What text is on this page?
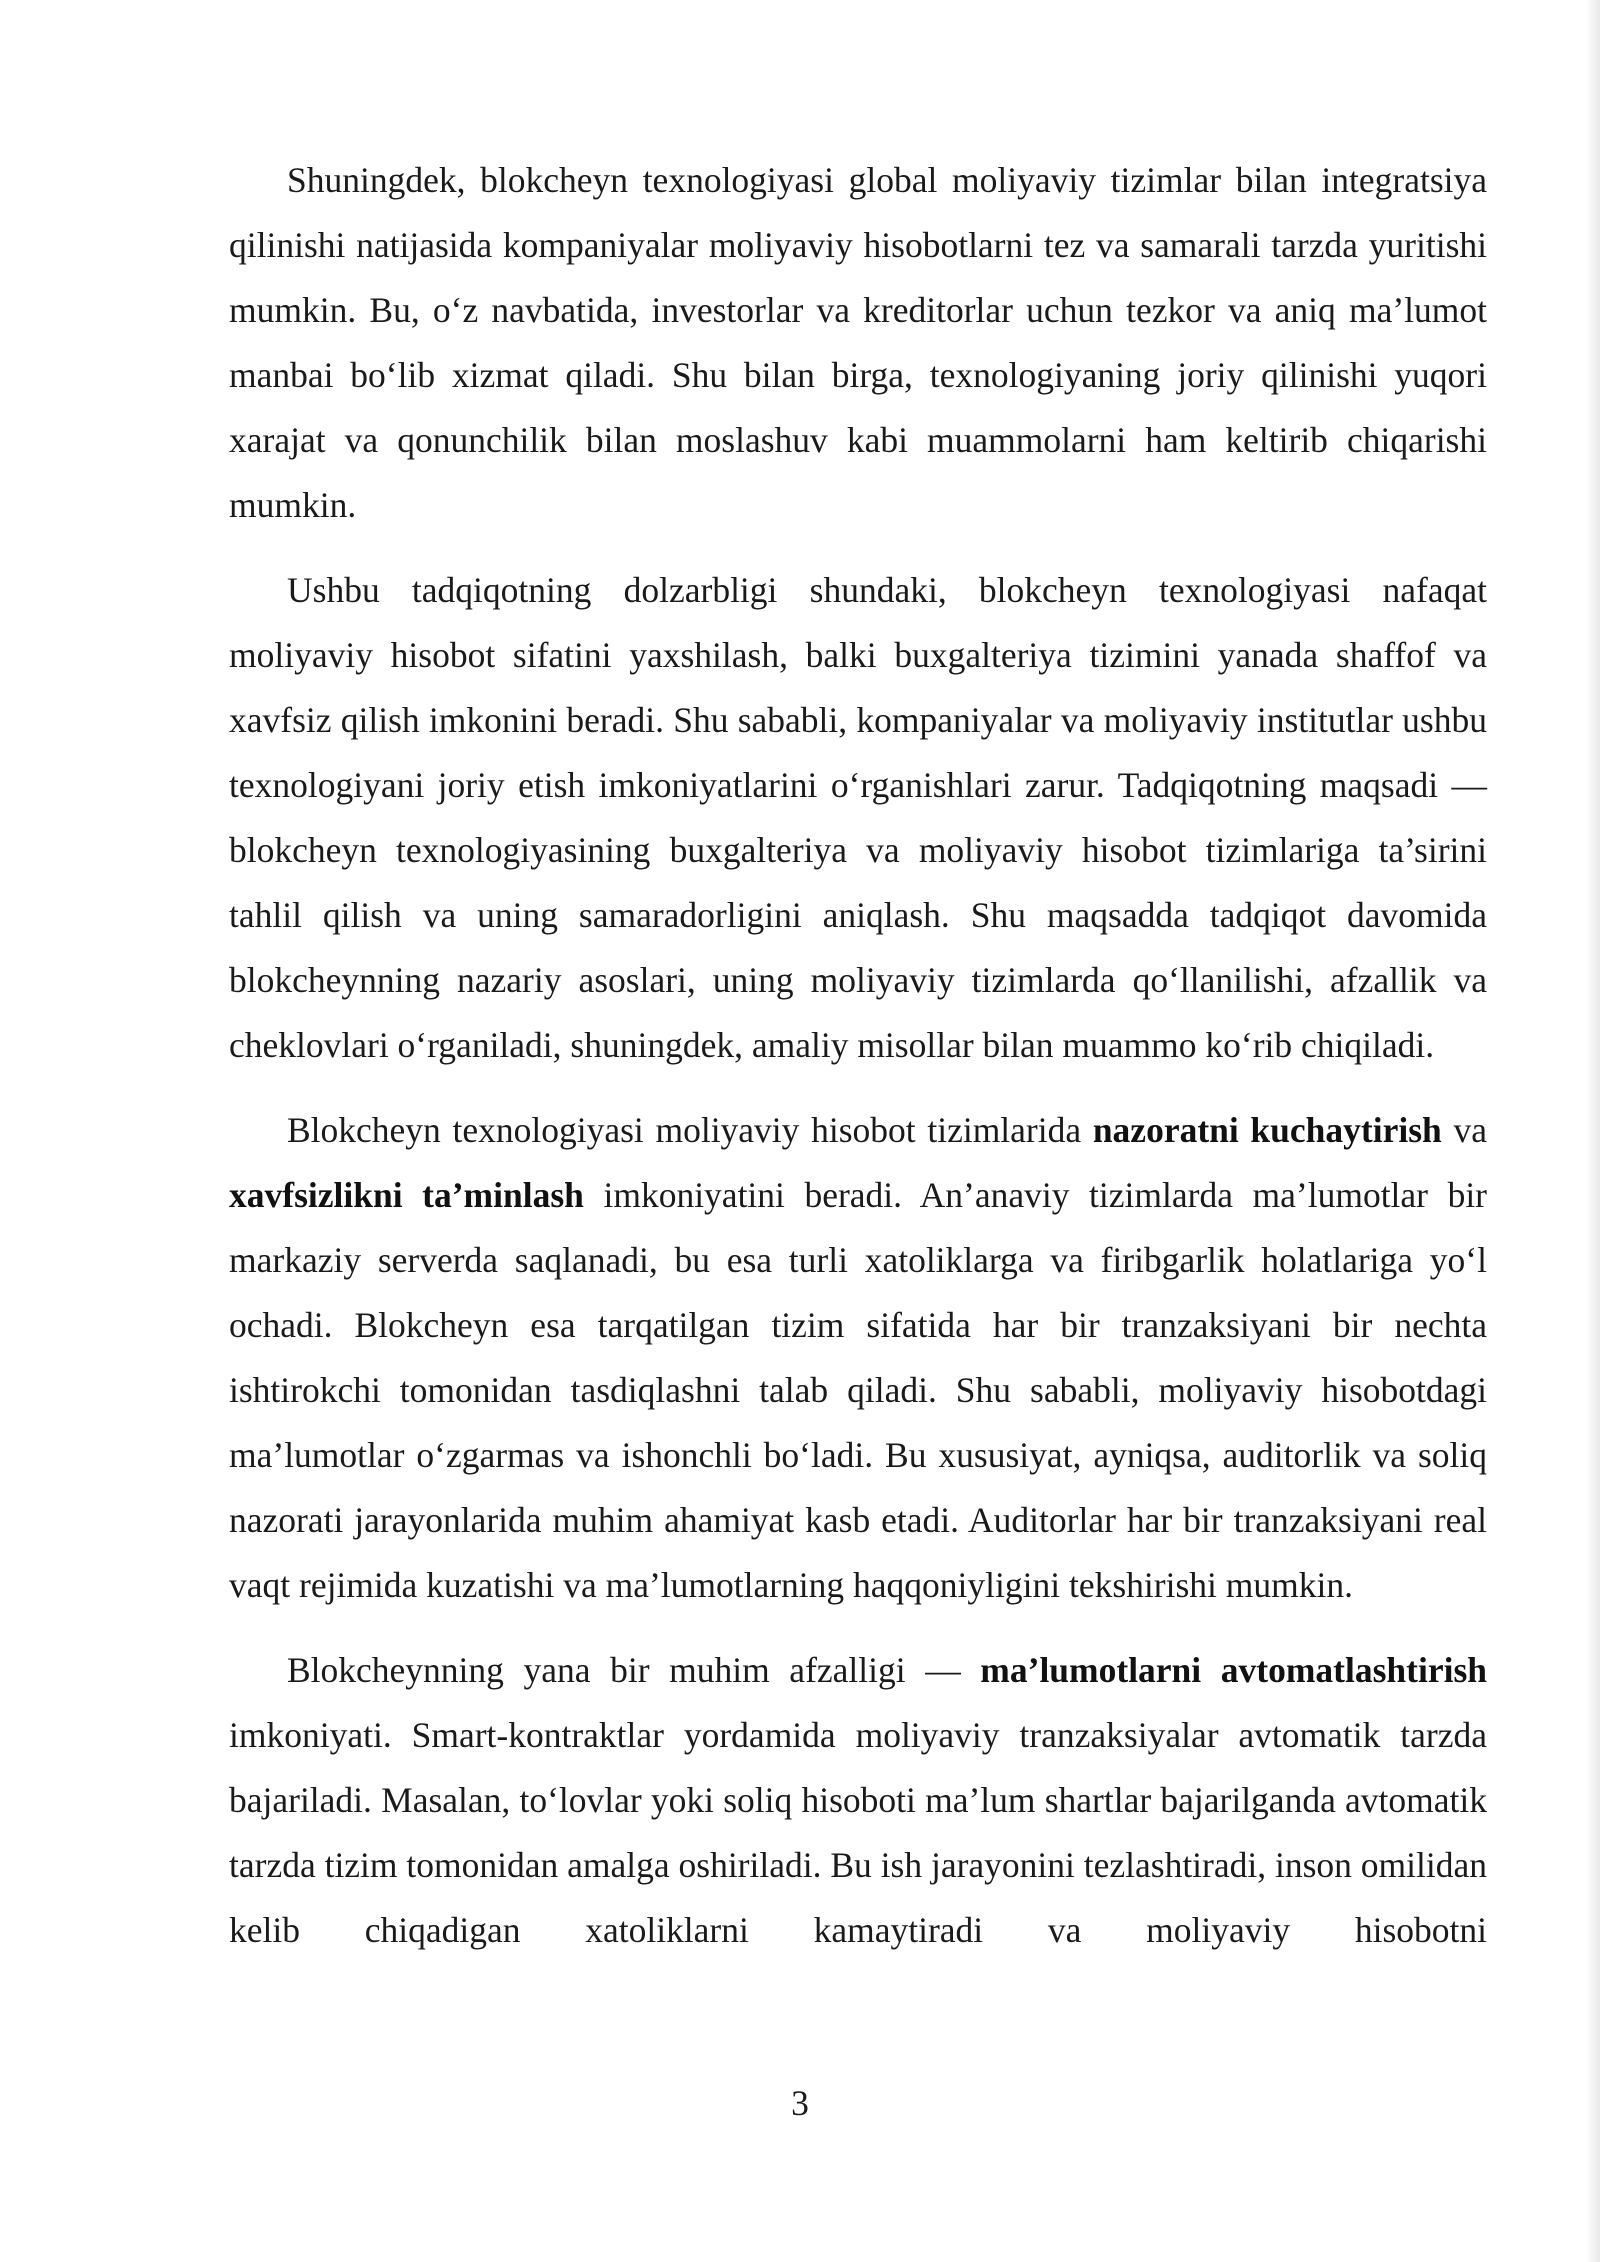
Shuningdek, blokcheyn texnologiyasi global moliyaviy tizimlar bilan integratsiya qilinishi natijasida kompaniyalar moliyaviy hisobotlarni tez va samarali tarzda yuritishi mumkin. Bu, o‘z navbatida, investorlar va kreditorlar uchun tezkor va aniq ma’lumot manbai bo‘lib xizmat qiladi. Shu bilan birga, texnologiyaning joriy qilinishi yuqori xarajat va qonunchilik bilan moslashuv kabi muammolarni ham keltirib chiqarishi mumkin.

Ushbu tadqiqotning dolzarbligi shundaki, blokcheyn texnologiyasi nafaqat moliyaviy hisobot sifatini yaxshilash, balki buxgalteriya tizimini yanada shaffof va xavfsiz qilish imkonini beradi. Shu sababli, kompaniyalar va moliyaviy institutlar ushbu texnologiyani joriy etish imkoniyatlarini o‘rganishlari zarur. Tadqiqotning maqsadi — blokcheyn texnologiyasining buxgalteriya va moliyaviy hisobot tizimlariga ta’sirini tahlil qilish va uning samaradorligini aniqlash. Shu maqsadda tadqiqot davomida blokcheynning nazariy asoslari, uning moliyaviy tizimlarda qo‘llanilishi, afzallik va cheklovlari o‘rganiladi, shuningdek, amaliy misollar bilan muammo ko‘rib chiqiladi.

Blokcheyn texnologiyasi moliyaviy hisobot tizimlarida nazoratni kuchaytirish va xavfsizlikni ta’minlash imkoniyatini beradi. An’anaviy tizimlarda ma’lumotlar bir markaziy serverda saqlanadi, bu esa turli xatoliklarga va firibgarlik holatlariga yo‘l ochadi. Blokcheyn esa tarqatilgan tizim sifatida har bir tranzaksiyani bir nechta ishtirokchi tomonidan tasdiqlashni talab qiladi. Shu sababli, moliyaviy hisobotdagi ma’lumotlar o‘zgarmas va ishonchli bo‘ladi. Bu xususiyat, ayniqsa, auditorlik va soliq nazorati jarayonlarida muhim ahamiyat kasb etadi. Auditorlar har bir tranzaksiyani real vaqt rejimida kuzatishi va ma’lumotlarning haqqoniyligini tekshirishi mumkin.

Blokcheynning yana bir muhim afzalligi — ma’lumotlarni avtomatlashtirish imkoniyati. Smart-kontraktlar yordamida moliyaviy tranzaksiyalar avtomatik tarzda bajariladi. Masalan, to‘lovlar yoki soliq hisoboti ma’lum shartlar bajarilganda avtomatik tarzda tizim tomonidan amalga oshiriladi. Bu ish jarayonini tezlashtiradi, inson omilidan kelib chiqadigan xatoliklarni kamaytiradi va moliyaviy hisobotni

3
